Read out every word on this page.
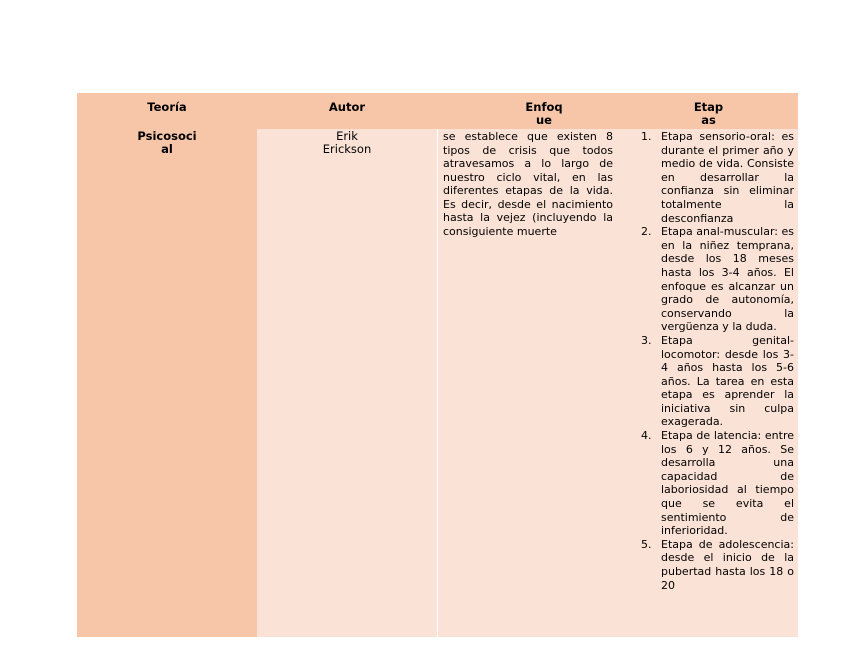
Teoría	Autor	Enfoq
ue
Etap
as
Psicosoci
al
Erik
Erickson
se establece que existen 8 tipos de crisis que todos atravesamos a lo largo de nuestro ciclo vital, en las diferentes etapas de la vida. Es decir, desde el nacimiento hasta la vejez (incluyendo la consiguiente muerte
1. Etapa sensorio-oral: es durante el primer año y medio de vida. Consiste en desarrollar la confianza sin eliminar totalmente la desconfianza
2. Etapa anal-muscular: es en la niñez temprana, desde los 18 meses hasta los 3-4 años. El enfoque es alcanzar un grado de autonomía, conservando la vergüenza y la duda.
3. Etapa genital-locomotor: desde los 3-4 años hasta los 5-6 años. La tarea en esta etapa es aprender la iniciativa sin culpa exagerada.
4. Etapa de latencia: entre los 6 y 12 años. Se desarrolla una capacidad de laboriosidad al tiempo que se evita el sentimiento de inferioridad.
5. Etapa de adolescencia: desde el inicio de la pubertad hasta los 18 o 20
